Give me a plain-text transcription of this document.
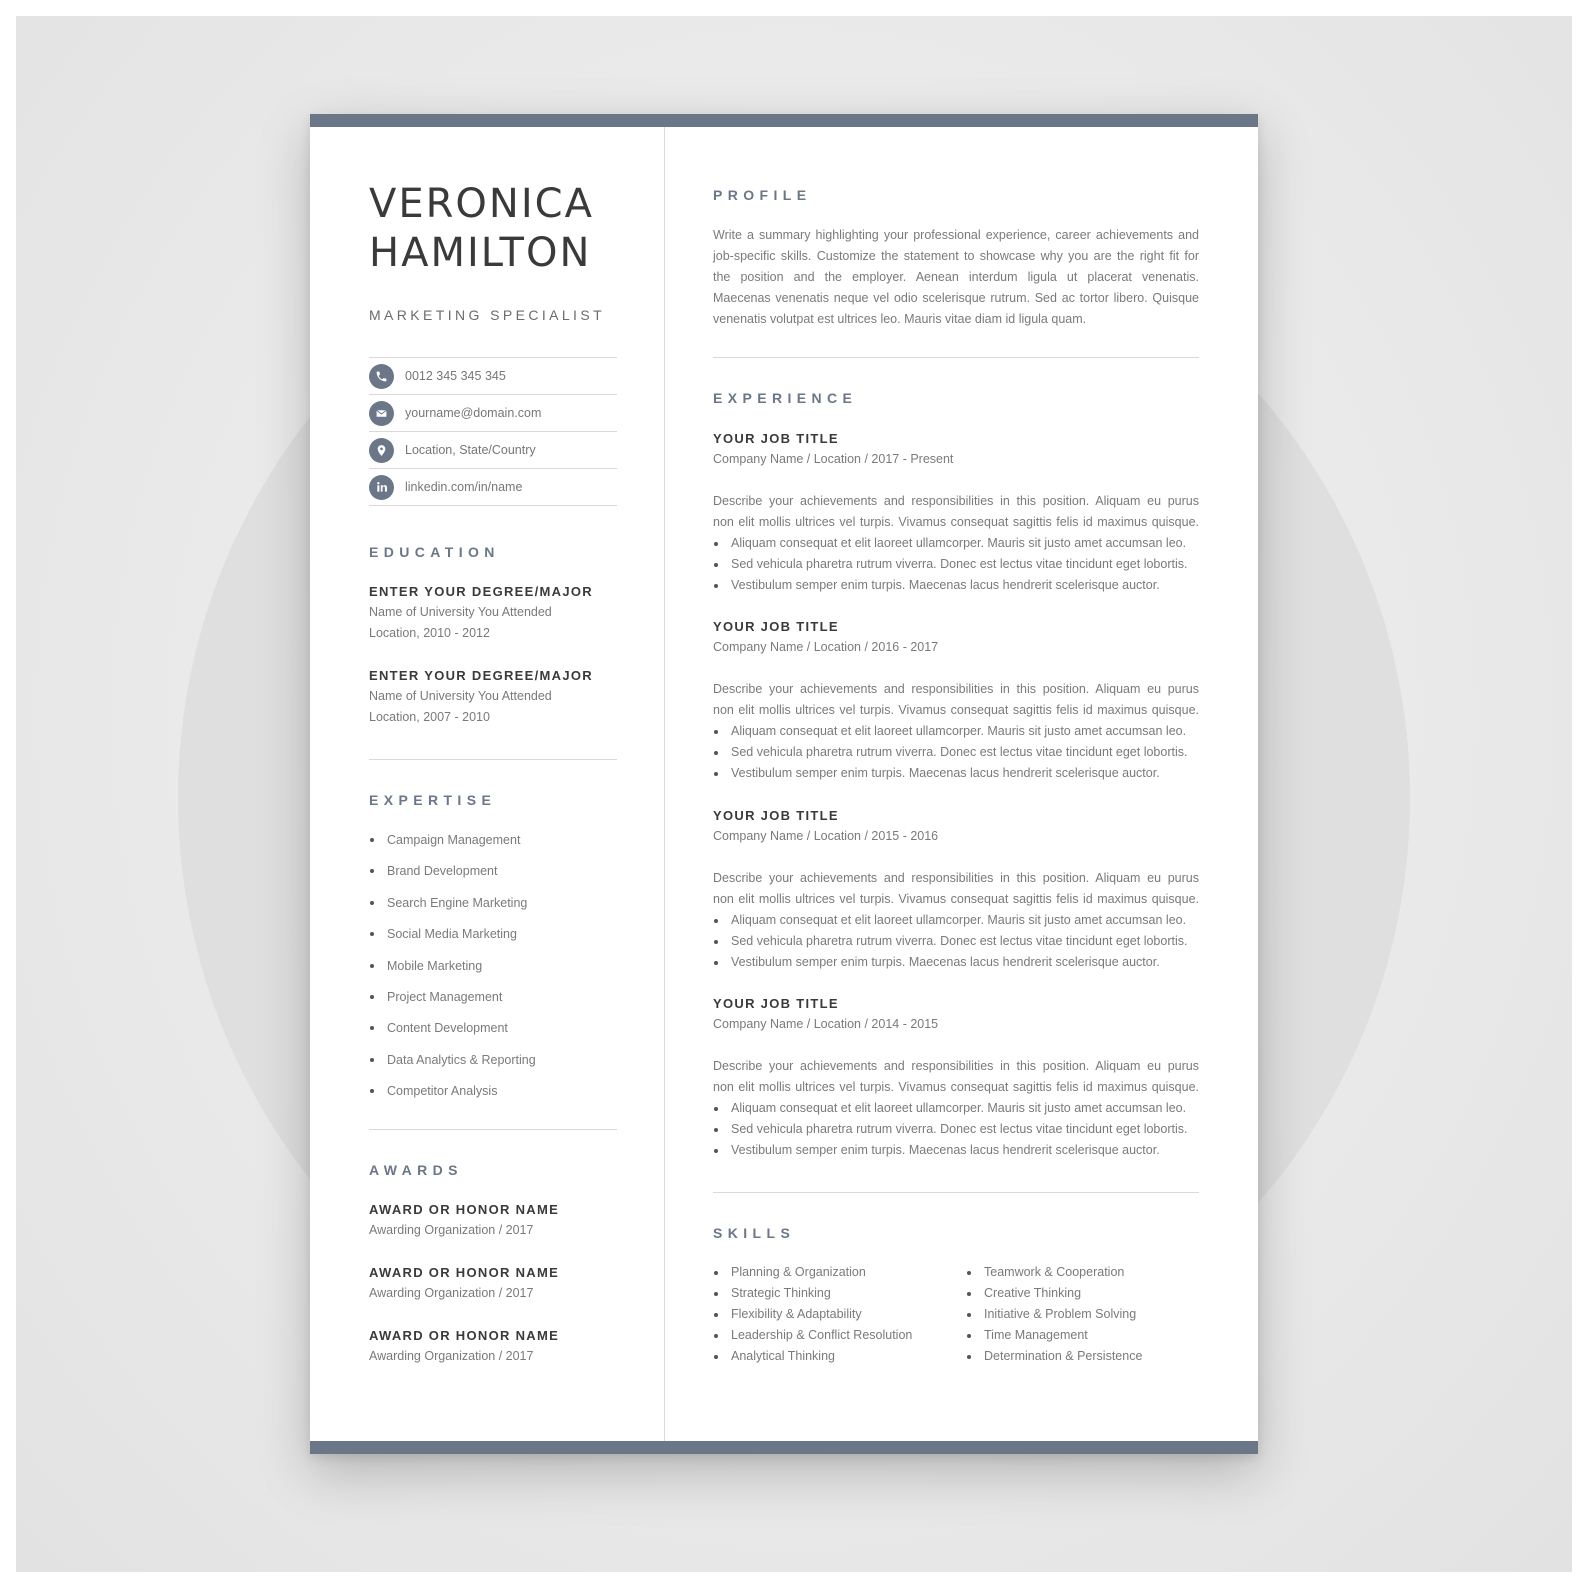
VERONICA
HAMILTON
MARKETING SPECIALIST
0012 345 345 345
yourname@domain.com
Location, State/Country
linkedin.com/in/name
EDUCATION
ENTER YOUR DEGREE/MAJOR
Name of University You Attended
Location, 2010 - 2012
ENTER YOUR DEGREE/MAJOR
Name of University You Attended
Location, 2007 - 2010
EXPERTISE
Campaign Management
Brand Development
Search Engine Marketing
Social Media Marketing
Mobile Marketing
Project Management
Content Development
Data Analytics & Reporting
Competitor Analysis
AWARDS
AWARD OR HONOR NAME
Awarding Organization / 2017
AWARD OR HONOR NAME
Awarding Organization / 2017
AWARD OR HONOR NAME
Awarding Organization / 2017
PROFILE
Write a summary highlighting your professional experience, career achievements and
job-specific skills. Customize the statement to showcase why you are the right fit for
the position and the employer. Aenean interdum ligula ut placerat venenatis.
Maecenas venenatis neque vel odio scelerisque rutrum. Sed ac tortor libero. Quisque
venenatis volutpat est ultrices leo. Mauris vitae diam id ligula quam.
EXPERIENCE
YOUR JOB TITLE
Company Name / Location / 2017 - Present
Describe your achievements and responsibilities in this position. Aliquam eu purus
non elit mollis ultrices vel turpis. Vivamus consequat sagittis felis id maximus quisque.
Aliquam consequat et elit laoreet ullamcorper. Mauris sit justo amet accumsan leo.
Sed vehicula pharetra rutrum viverra. Donec est lectus vitae tincidunt eget lobortis.
Vestibulum semper enim turpis. Maecenas lacus hendrerit scelerisque auctor.
YOUR JOB TITLE
Company Name / Location / 2016 - 2017
Describe your achievements and responsibilities in this position. Aliquam eu purus
non elit mollis ultrices vel turpis. Vivamus consequat sagittis felis id maximus quisque.
Aliquam consequat et elit laoreet ullamcorper. Mauris sit justo amet accumsan leo.
Sed vehicula pharetra rutrum viverra. Donec est lectus vitae tincidunt eget lobortis.
Vestibulum semper enim turpis. Maecenas lacus hendrerit scelerisque auctor.
YOUR JOB TITLE
Company Name / Location / 2015 - 2016
Describe your achievements and responsibilities in this position. Aliquam eu purus
non elit mollis ultrices vel turpis. Vivamus consequat sagittis felis id maximus quisque.
Aliquam consequat et elit laoreet ullamcorper. Mauris sit justo amet accumsan leo.
Sed vehicula pharetra rutrum viverra. Donec est lectus vitae tincidunt eget lobortis.
Vestibulum semper enim turpis. Maecenas lacus hendrerit scelerisque auctor.
YOUR JOB TITLE
Company Name / Location / 2014 - 2015
Describe your achievements and responsibilities in this position. Aliquam eu purus
non elit mollis ultrices vel turpis. Vivamus consequat sagittis felis id maximus quisque.
Aliquam consequat et elit laoreet ullamcorper. Mauris sit justo amet accumsan leo.
Sed vehicula pharetra rutrum viverra. Donec est lectus vitae tincidunt eget lobortis.
Vestibulum semper enim turpis. Maecenas lacus hendrerit scelerisque auctor.
SKILLS
Planning & Organization
Strategic Thinking
Flexibility & Adaptability
Leadership & Conflict Resolution
Analytical Thinking
Teamwork & Cooperation
Creative Thinking
Initiative & Problem Solving
Time Management
Determination & Persistence
